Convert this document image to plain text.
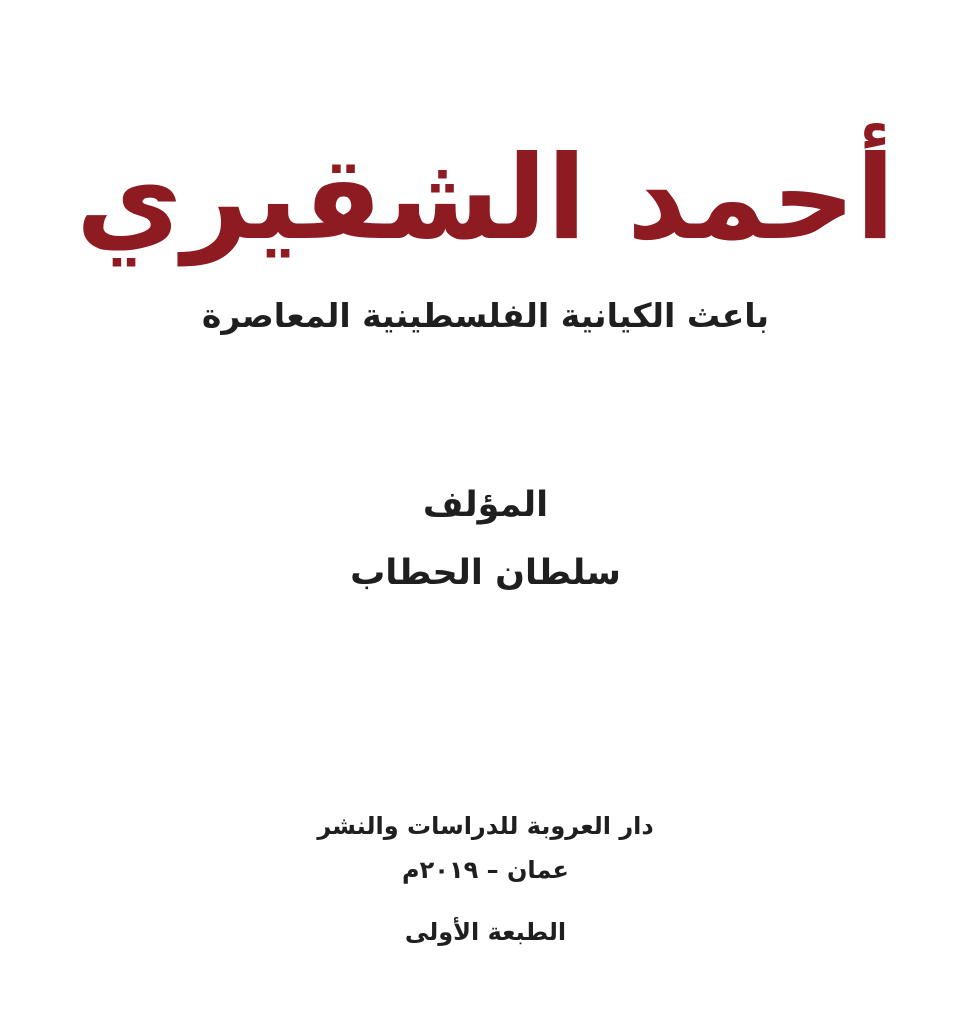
أحمد الشقيري
باعث الكيانية الفلسطينية المعاصرة
المؤلف
سلطان الحطاب
دار العروبة للدراسات والنشر
عمان – ٢٠١٩م
الطبعة الأولى
